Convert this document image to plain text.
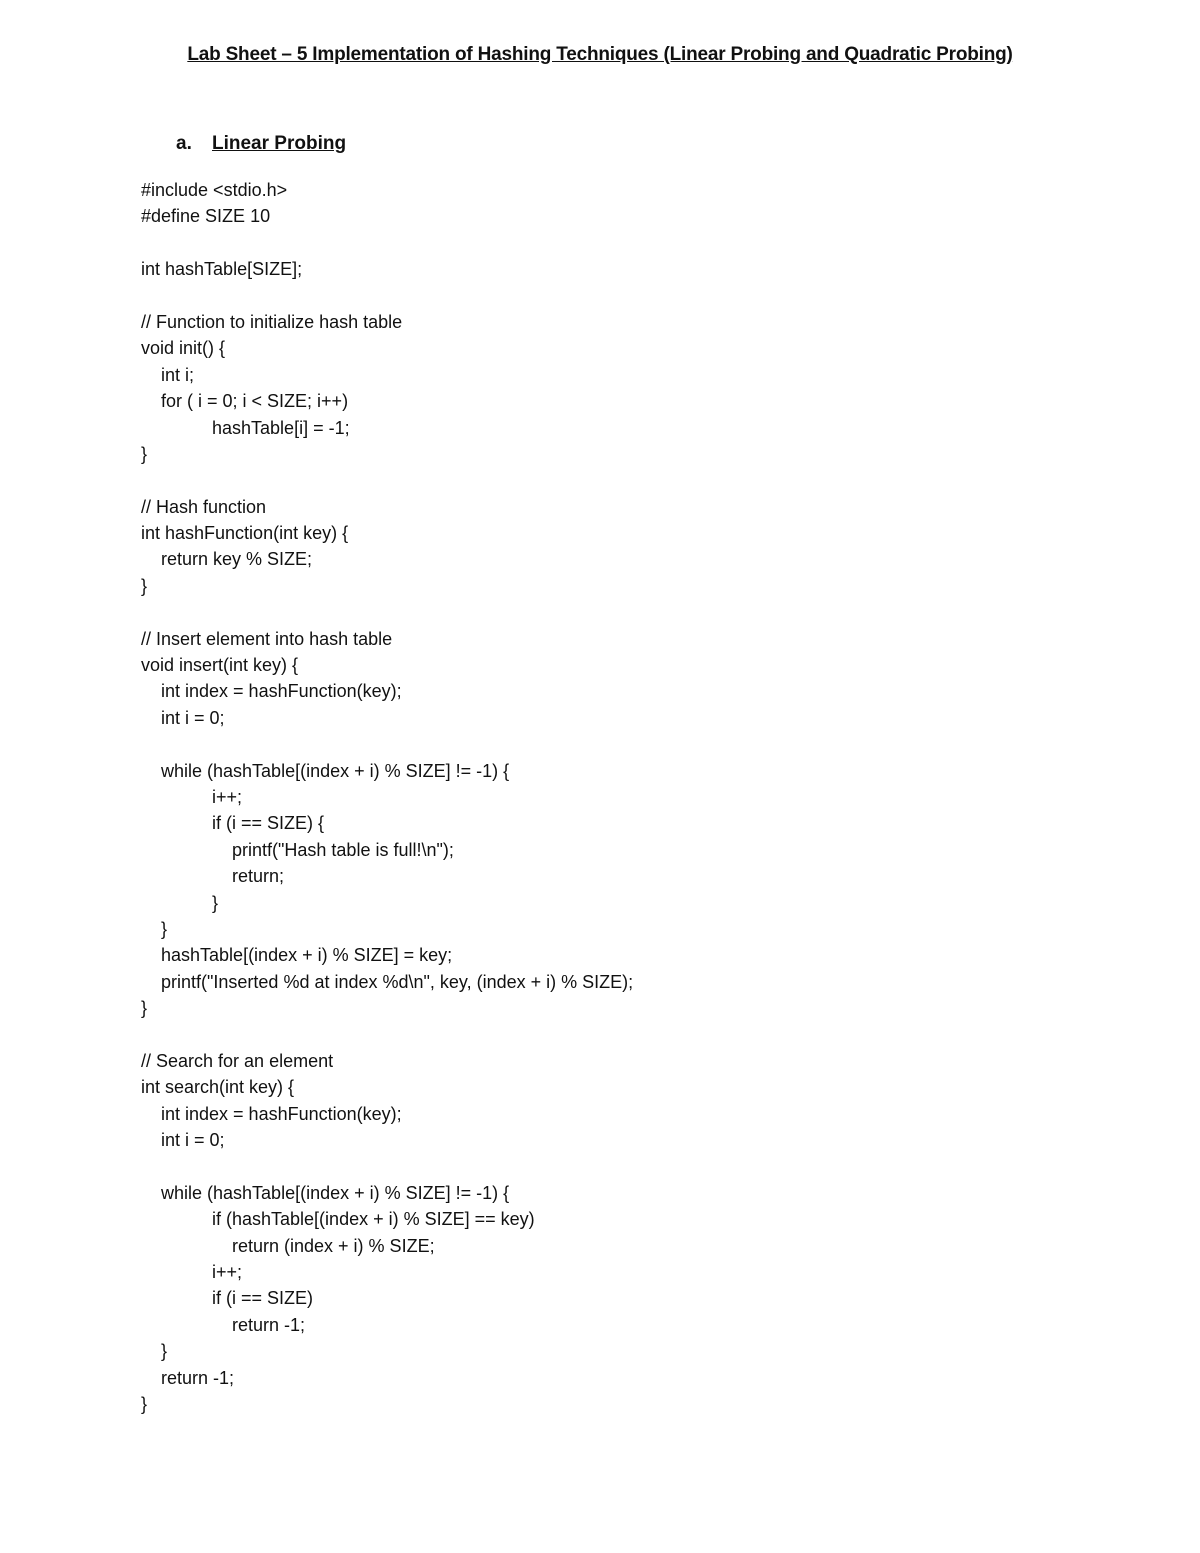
Lab Sheet – 5 Implementation of Hashing Techniques (Linear Probing and Quadratic Probing)
a. Linear Probing
#include <stdio.h>
#define SIZE 10
int hashTable[SIZE];
// Function to initialize hash table
void init() {
int i;
for ( i = 0; i < SIZE; i++)
hashTable[i] = -1;
}
// Hash function
int hashFunction(int key) {
return key % SIZE;
}
// Insert element into hash table
void insert(int key) {
int index = hashFunction(key);
int i = 0;
while (hashTable[(index + i) % SIZE] != -1) {
i++;
if (i == SIZE) {
printf("Hash table is full!\n");
return;
}
}
hashTable[(index + i) % SIZE] = key;
printf("Inserted %d at index %d\n", key, (index + i) % SIZE);
}
// Search for an element
int search(int key) {
int index = hashFunction(key);
int i = 0;
while (hashTable[(index + i) % SIZE] != -1) {
if (hashTable[(index + i) % SIZE] == key)
return (index + i) % SIZE;
i++;
if (i == SIZE)
return -1;
}
return -1;
}
